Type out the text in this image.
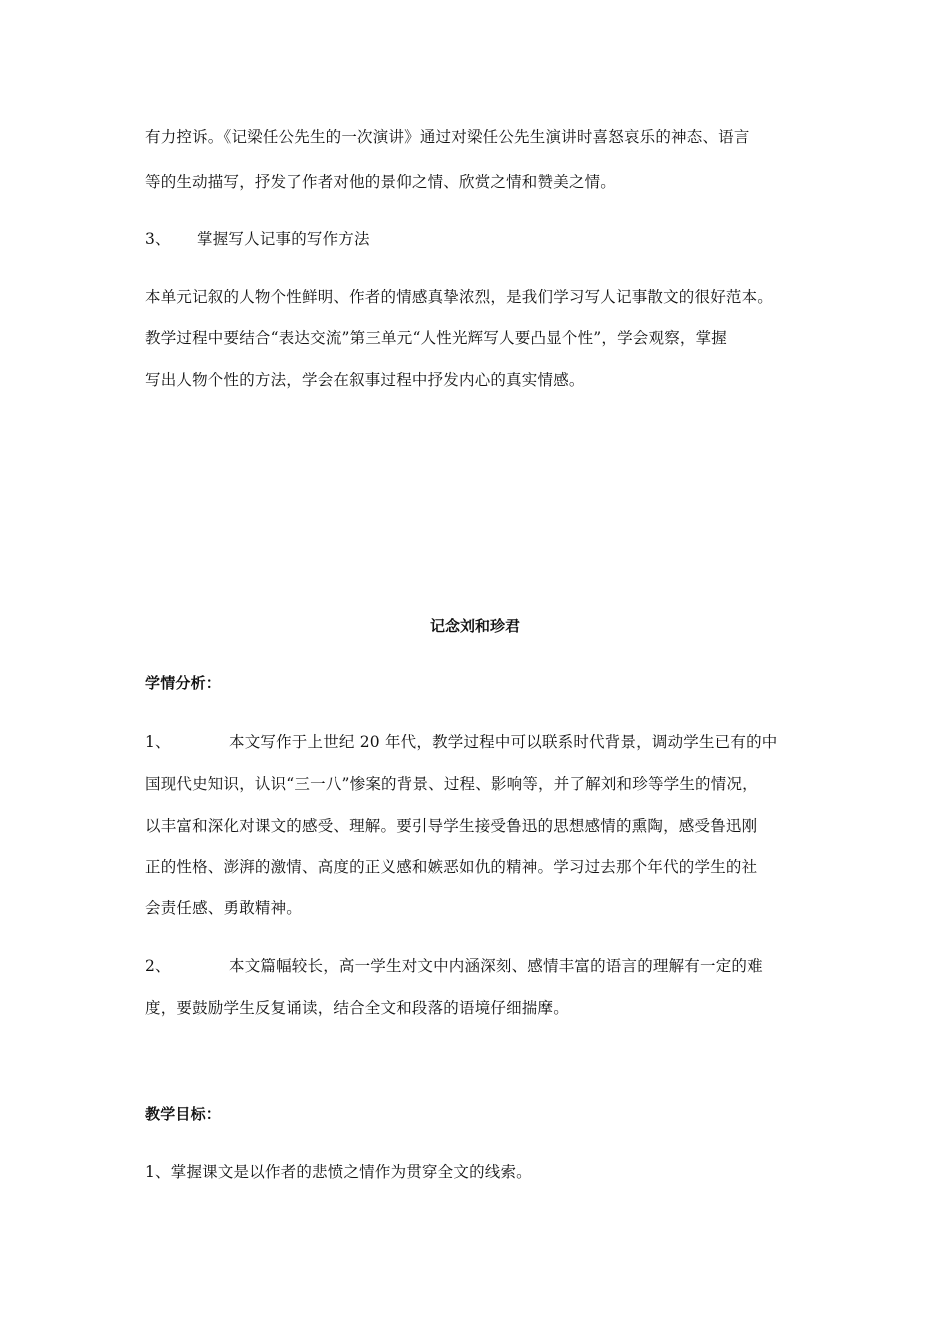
有力控诉。《记梁任公先生的一次演讲》通过对梁任公先生演讲时喜怒哀乐的神态、语言
等的生动描写，抒发了作者对他的景仰之情、欣赏之情和赞美之情。
3、 掌握写人记事的写作方法
本单元记叙的人物个性鲜明、作者的情感真挚浓烈，是我们学习写人记事散文的很好范本。
教学过程中要结合“表达交流”第三单元“人性光辉写人要凸显个性”，学会观察，掌握
写出人物个性的方法，学会在叙事过程中抒发内心的真实情感。
记念刘和珍君
学情分析：
1、	本文写作于上世纪 20 年代，教学过程中可以联系时代背景，调动学生已有的中
国现代史知识，认识“三一八”惨案的背景、过程、影响等，并了解刘和珍等学生的情况，
以丰富和深化对课文的感受、理解。要引导学生接受鲁迅的思想感情的熏陶，感受鲁迅刚
正的性格、澎湃的激情、高度的正义感和嫉恶如仇的精神。学习过去那个年代的学生的社
会责任感、勇敢精神。
2、	本文篇幅较长，高一学生对文中内涵深刻、感情丰富的语言的理解有一定的难
度，要鼓励学生反复诵读，结合全文和段落的语境仔细揣摩。
教学目标：
1、掌握课文是以作者的悲愤之情作为贯穿全文的线索。
